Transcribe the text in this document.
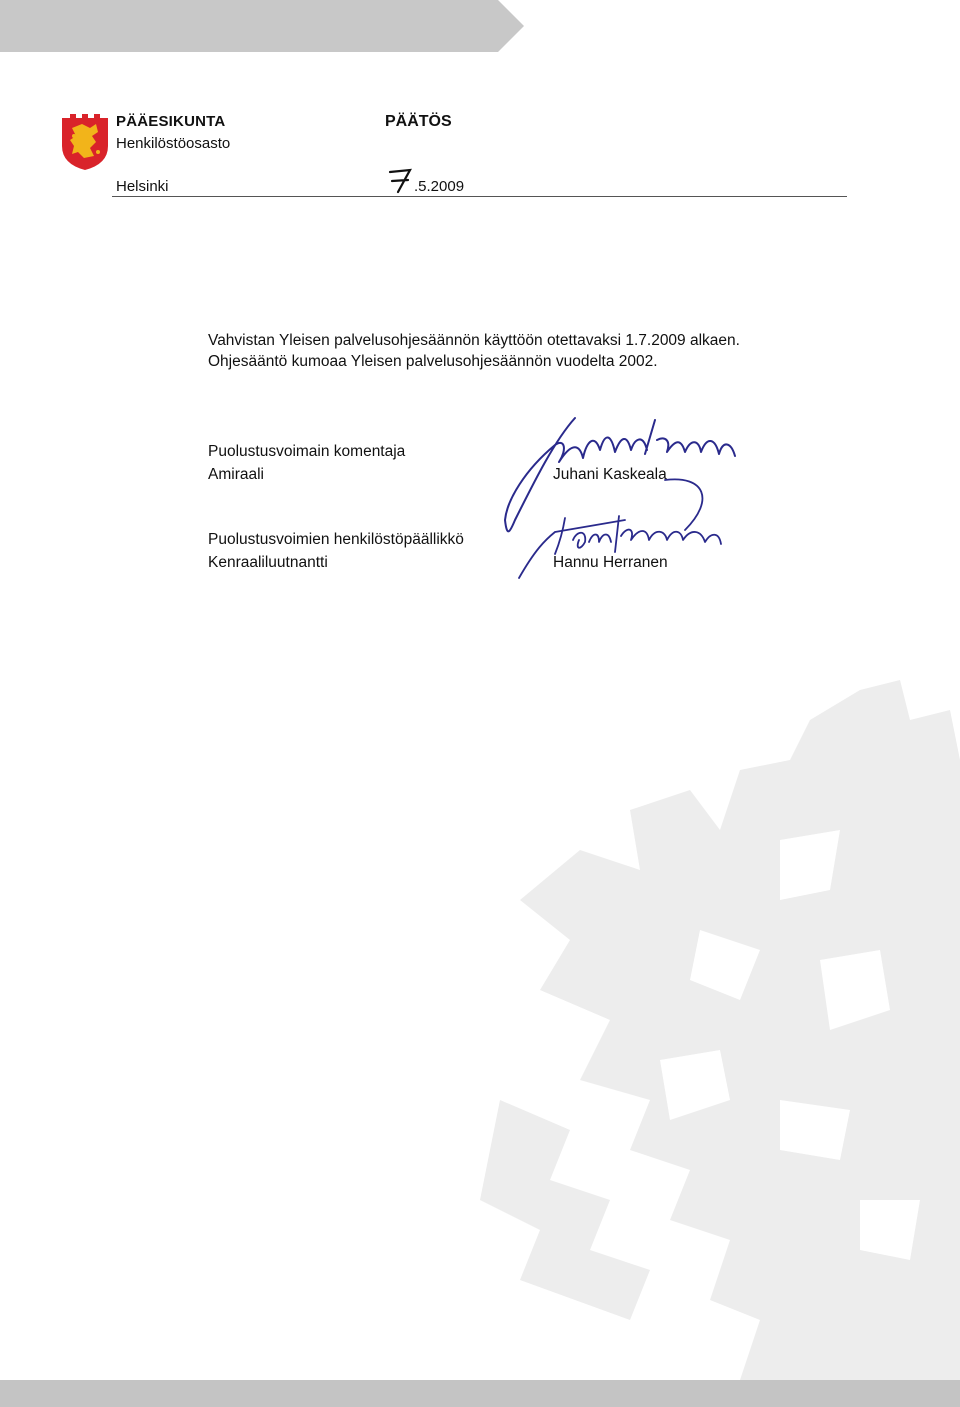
PÄÄESIKUNTA
Henkilöstöosasto
PÄÄTÖS
Helsinki	.5.2009
Vahvistan Yleisen palvelusohjesäännön käyttöön otettavaksi 1.7.2009 alkaen. Ohjesääntö kumoaa Yleisen palvelusohjesäännön vuodelta 2002.
Puolustusvoimain komentaja
Amiraali	Juhani Kaskeala
Puolustusvoimien henkilöstöpäällikkö
Kenraaliluutnantti	Hannu Herranen
